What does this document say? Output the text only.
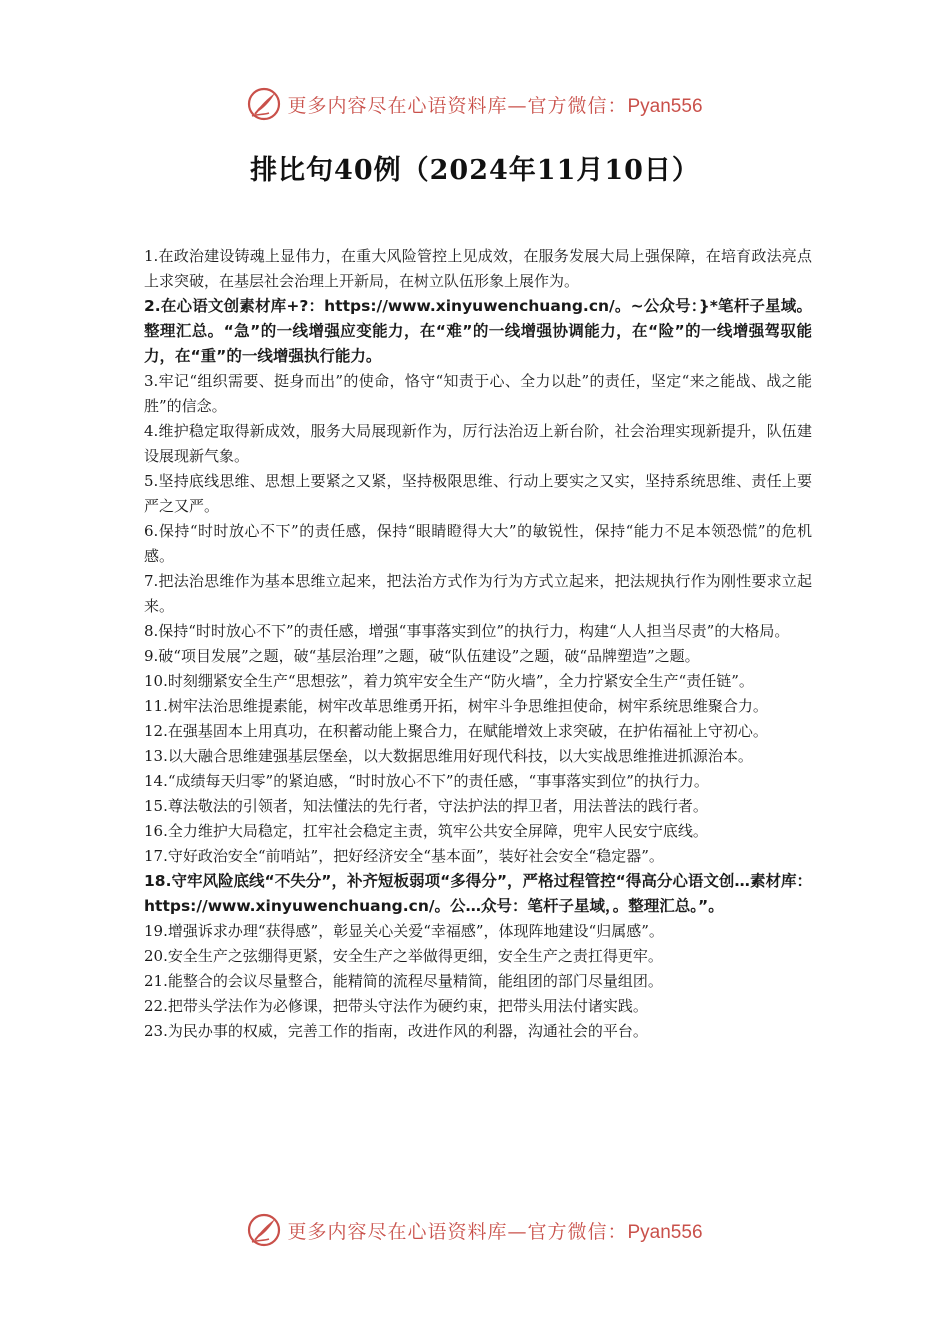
更多内容尽在心语资料库—官方微信：Pyan556
排比句40例（2024年11月10日）

1.在政治建设铸魂上显伟力，在重大风险管控上见成效，在服务发展大局上强保障，在培育政法亮点上求突破，在基层社会治理上开新局，在树立队伍形象上展作为。

2.在心语文创素材库+?：https://www.xinyuwenchuang.cn/。~公众号：}*笔杆子星域。整理汇总。“急”的一线增强应变能力，在“难”的一线增强协调能力，在“险”的一线增强驾驭能力，在“重”的一线增强执行能力。

3.牢记“组织需要、挺身而出”的使命，恪守“知责于心、全力以赴”的责任，坚定“来之能战、战之能胜”的信念。

4.维护稳定取得新成效，服务大局展现新作为，厉行法治迈上新台阶，社会治理实现新提升，队伍建设展现新气象。

5.坚持底线思维、思想上要紧之又紧，坚持极限思维、行动上要实之又实，坚持系统思维、责任上要严之又严。

6.保持“时时放心不下”的责任感，保持“眼睛瞪得大大”的敏锐性，保持“能力不足本领恐慌”的危机感。

7.把法治思维作为基本思维立起来，把法治方式作为行为方式立起来，把法规执行作为刚性要求立起来。

8.保持“时时放心不下”的责任感，增强“事事落实到位”的执行力，构建“人人担当尽责”的大格局。

9.破“项目发展”之题，破“基层治理”之题，破“队伍建设”之题，破“品牌塑造”之题。

10.时刻绷紧安全生产“思想弦”，着力筑牢安全生产“防火墙”，全力拧紧安全生产“责任链”。

11.树牢法治思维提素能，树牢改革思维勇开拓，树牢斗争思维担使命，树牢系统思维聚合力。

12.在强基固本上用真功，在积蓄动能上聚合力，在赋能增效上求突破，在护佑福祉上守初心。

13.以大融合思维建强基层堡垒，以大数据思维用好现代科技，以大实战思维推进抓源治本。

14.“成绩每天归零”的紧迫感，“时时放心不下”的责任感，“事事落实到位”的执行力。

15.尊法敬法的引领者，知法懂法的先行者，守法护法的捍卫者，用法普法的践行者。

16.全力维护大局稳定，扛牢社会稳定主责，筑牢公共安全屏障，兜牢人民安宁底线。

17.守好政治安全“前哨站”，把好经济安全“基本面”，装好社会安全“稳定器”。

18.守牢风险底线“不失分”，补齐短板弱项“多得分”，严格过程管控“得高分心语文创…素材库：https://www.xinyuwenchuang.cn/。公…众号：笔杆子星域，。整理汇总。”。

19.增强诉求办理“获得感”，彰显关心关爱“幸福感”，体现阵地建设“归属感”。

20.安全生产之弦绷得更紧，安全生产之举做得更细，安全生产之责扛得更牢。

21.能整合的会议尽量整合，能精简的流程尽量精简，能组团的部门尽量组团。

22.把带头学法作为必修课，把带头守法作为硬约束，把带头用法付诸实践。

23.为民办事的权威，完善工作的指南，改进作风的利器，沟通社会的平台。

更多内容尽在心语资料库—官方微信：Pyan556
